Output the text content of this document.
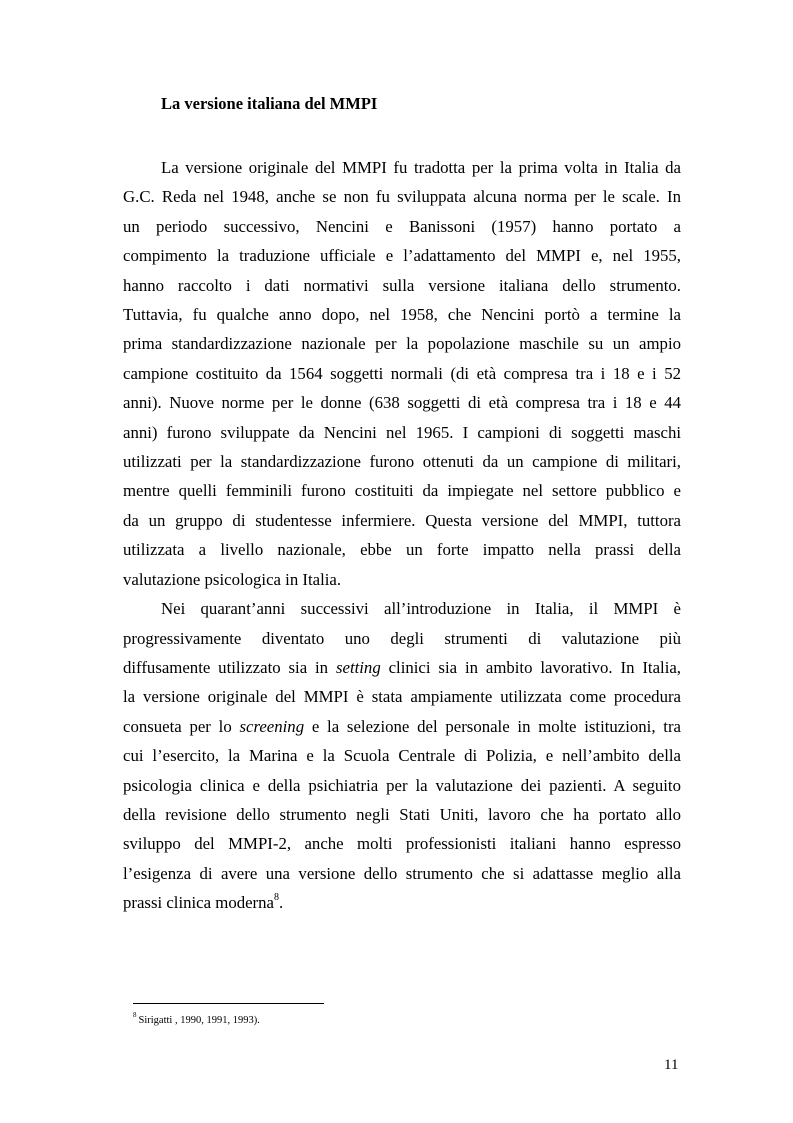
La versione italiana del MMPI

La versione originale del MMPI fu tradotta per la prima volta in Italia da
G.C. Reda nel 1948, anche se non fu sviluppata alcuna norma per le scale. In
un periodo successivo, Nencini e Banissoni (1957) hanno portato a
compimento la traduzione ufficiale e l’adattamento del MMPI e, nel 1955,
hanno raccolto i dati normativi sulla versione italiana dello strumento.
Tuttavia, fu qualche anno dopo, nel 1958, che Nencini portò a termine la
prima standardizzazione nazionale per la popolazione maschile su un ampio
campione costituito da 1564 soggetti normali (di età compresa tra i 18 e i 52
anni). Nuove norme per le donne (638 soggetti di età compresa tra i 18 e 44
anni) furono sviluppate da Nencini nel 1965. I campioni di soggetti maschi
utilizzati per la standardizzazione furono ottenuti da un campione di militari,
mentre quelli femminili furono costituiti da impiegate nel settore pubblico e
da un gruppo di studentesse infermiere. Questa versione del MMPI, tuttora
utilizzata a livello nazionale, ebbe un forte impatto nella prassi della
valutazione psicologica in Italia.

Nei quarant’anni successivi all’introduzione in Italia, il MMPI è
progressivamente diventato uno degli strumenti di valutazione più
diffusamente utilizzato sia in setting clinici sia in ambito lavorativo. In Italia,
la versione originale del MMPI è stata ampiamente utilizzata come procedura
consueta per lo screening e la selezione del personale in molte istituzioni, tra
cui l’esercito, la Marina e la Scuola Centrale di Polizia, e nell’ambito della
psicologia clinica e della psichiatria per la valutazione dei pazienti. A seguito
della revisione dello strumento negli Stati Uniti, lavoro che ha portato allo
sviluppo del MMPI-2, anche molti professionisti italiani hanno espresso
l’esigenza di avere una versione dello strumento che si adattasse meglio alla
prassi clinica moderna$^8$.

$^8$ Sirigatti , 1990, 1991, 1993).

11
